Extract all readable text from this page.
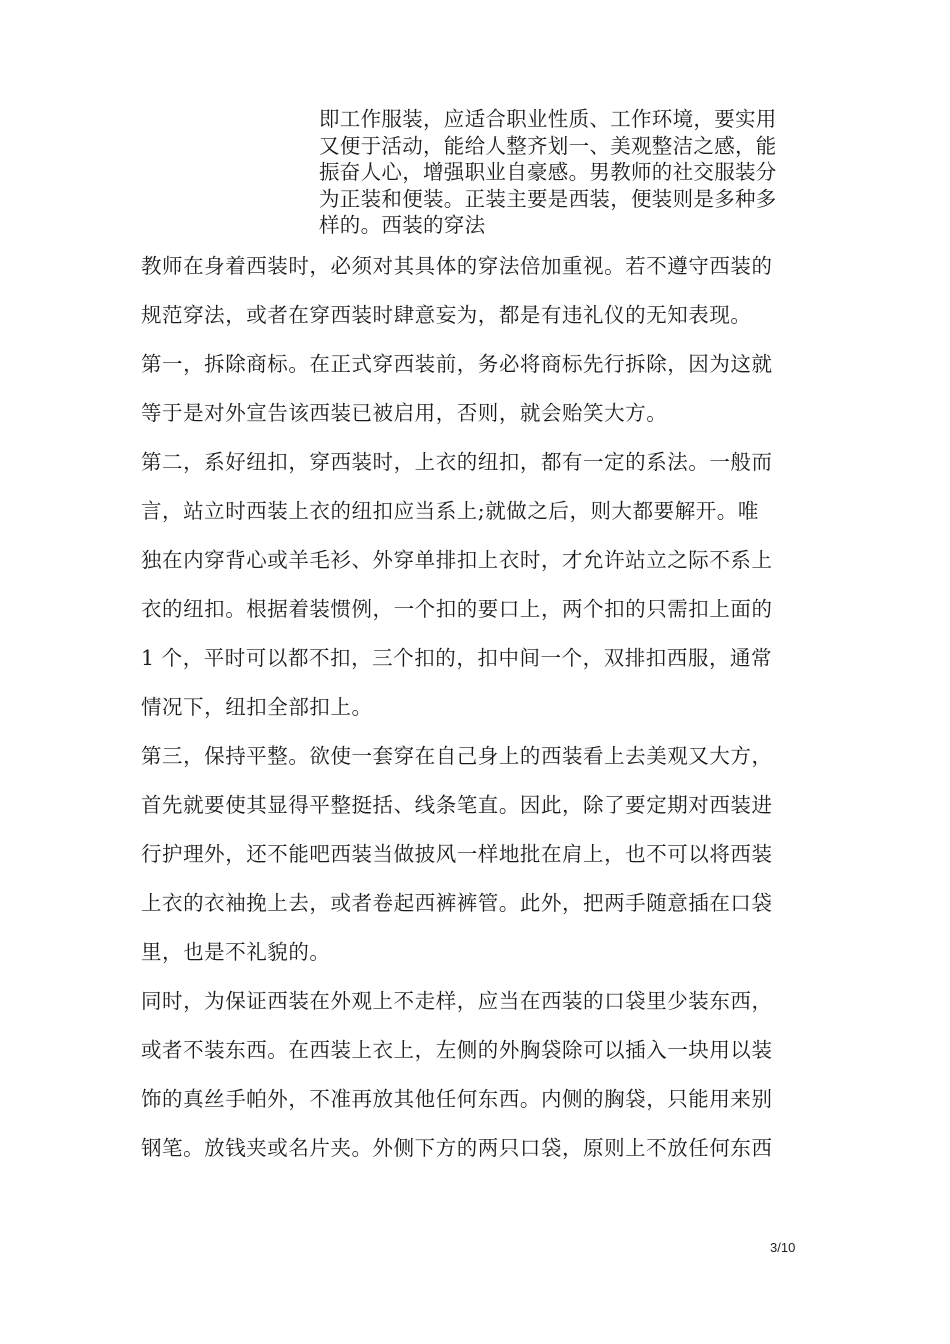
即工作服装，应适合职业性质、工作环境，要实用
又便于活动，能给人整齐划一、美观整洁之感，能
振奋人心，增强职业自豪感。男教师的社交服装分
为正装和便装。正装主要是西装，便装则是多种多
样的。西装的穿法
教师在身着西装时，必须对其具体的穿法倍加重视。若不遵守西装的
规范穿法，或者在穿西装时肆意妄为，都是有违礼仪的无知表现。
第一，拆除商标。在正式穿西装前，务必将商标先行拆除，因为这就
等于是对外宣告该西装已被启用，否则，就会贻笑大方。
第二，系好纽扣，穿西装时，上衣的纽扣，都有一定的系法。一般而
言，站立时西装上衣的纽扣应当系上;就做之后，则大都要解开。唯
独在内穿背心或羊毛衫、外穿单排扣上衣时，才允许站立之际不系上
衣的纽扣。根据着装惯例，一个扣的要口上，两个扣的只需扣上面的
1 个，平时可以都不扣，三个扣的，扣中间一个，双排扣西服，通常
情况下，纽扣全部扣上。
第三，保持平整。欲使一套穿在自己身上的西装看上去美观又大方，
首先就要使其显得平整挺括、线条笔直。因此，除了要定期对西装进
行护理外，还不能吧西装当做披风一样地批在肩上，也不可以将西装
上衣的衣袖挽上去，或者卷起西裤裤管。此外，把两手随意插在口袋
里，也是不礼貌的。
同时，为保证西装在外观上不走样，应当在西装的口袋里少装东西，
或者不装东西。在西装上衣上，左侧的外胸袋除可以插入一块用以装
饰的真丝手帕外，不准再放其他任何东西。内侧的胸袋，只能用来别
钢笔。放钱夹或名片夹。外侧下方的两只口袋，原则上不放任何东西
3/10
